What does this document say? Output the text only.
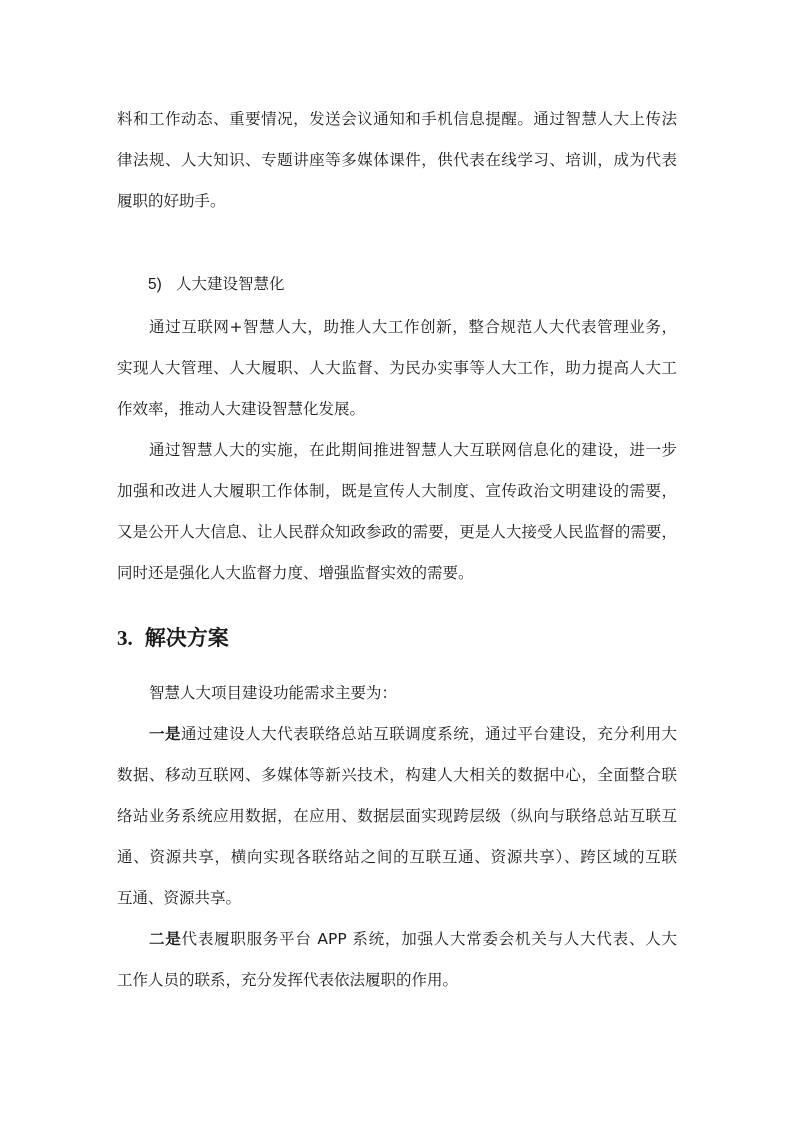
料和工作动态、重要情况，发送会议通知和手机信息提醒。通过智慧人大上传法
律法规、人大知识、专题讲座等多媒体课件，供代表在线学习、培训，成为代表
履职的好助手。
5) 人大建设智慧化
通过互联网+智慧人大，助推人大工作创新，整合规范人大代表管理业务，
实现人大管理、人大履职、人大监督、为民办实事等人大工作，助力提高人大工
作效率，推动人大建设智慧化发展。
通过智慧人大的实施，在此期间推进智慧人大互联网信息化的建设，进一步
加强和改进人大履职工作体制，既是宣传人大制度、宣传政治文明建设的需要，
又是公开人大信息、让人民群众知政参政的需要，更是人大接受人民监督的需要，
同时还是强化人大监督力度、增强监督实效的需要。
3. 解决方案
智慧人大项目建设功能需求主要为：
一是通过建设人大代表联络总站互联调度系统，通过平台建设，充分利用大
数据、移动互联网、多媒体等新兴技术，构建人大相关的数据中心，全面整合联
络站业务系统应用数据，在应用、数据层面实现跨层级（纵向与联络总站互联互
通、资源共享，横向实现各联络站之间的互联互通、资源共享）、跨区域的互联
互通、资源共享。
二是代表履职服务平台 APP 系统，加强人大常委会机关与人大代表、人大
工作人员的联系，充分发挥代表依法履职的作用。
